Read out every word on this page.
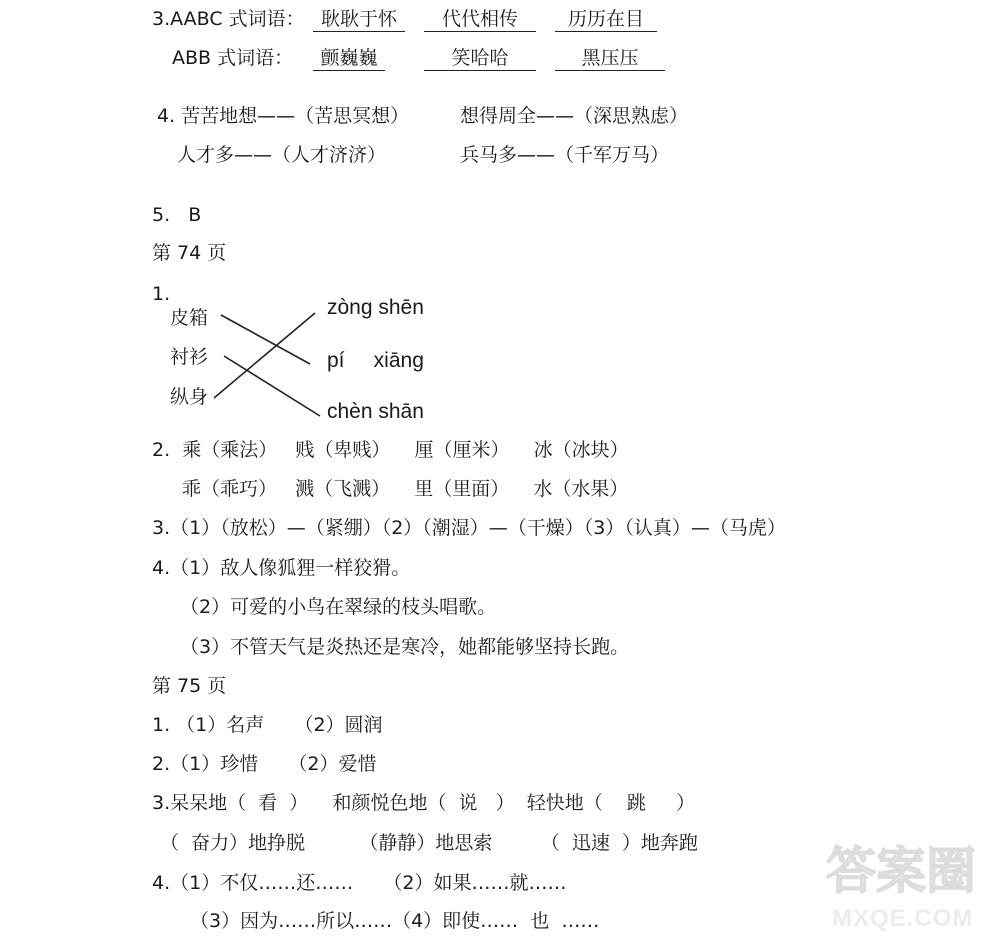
3.AABC 式词语： 耿耿于怀	代代相传	历历在目
ABB 式词语：	颤巍巍	笑哈哈	黑压压
4. 苦苦地想——（苦思冥想）	想得周全——（深思熟虑）
人才多——（人才济济）	兵马多——（千军万马）
5.   B
第 74 页
1.
皮箱
衬衫
纵身
zòng shēn
pí     xiāng
chèn shān
2.  乘（乘法）   贱（卑贱）    厘（厘米）    冰（冰块）
乖（乖巧）   溅（飞溅）    里（里面）    水（水果）
3.（1）（放松）—（紧绷）（2）（潮湿）—（干燥）（3）（认真）—（马虎）
4.（1）敌人像狐狸一样狡猾。
（2）可爱的小鸟在翠绿的枝头唱歌。
（3）不管天气是炎热还是寒冷，她都能够坚持长跑。
第 75 页
1. （1）名声     （2）圆润
2.（1）珍惜     （2）爱惜
3.呆呆地（  看  ）    和颜悦色地（  说   ）  轻快地（    跳     ）
（  奋力）地挣脱         （静静）地思索        （  迅速  ）地奔跑
4.（1）不仅……还……     （2）如果……就……
（3）因为……所以……（4）即使……  也  ……
答案圈
MXQE.COM
